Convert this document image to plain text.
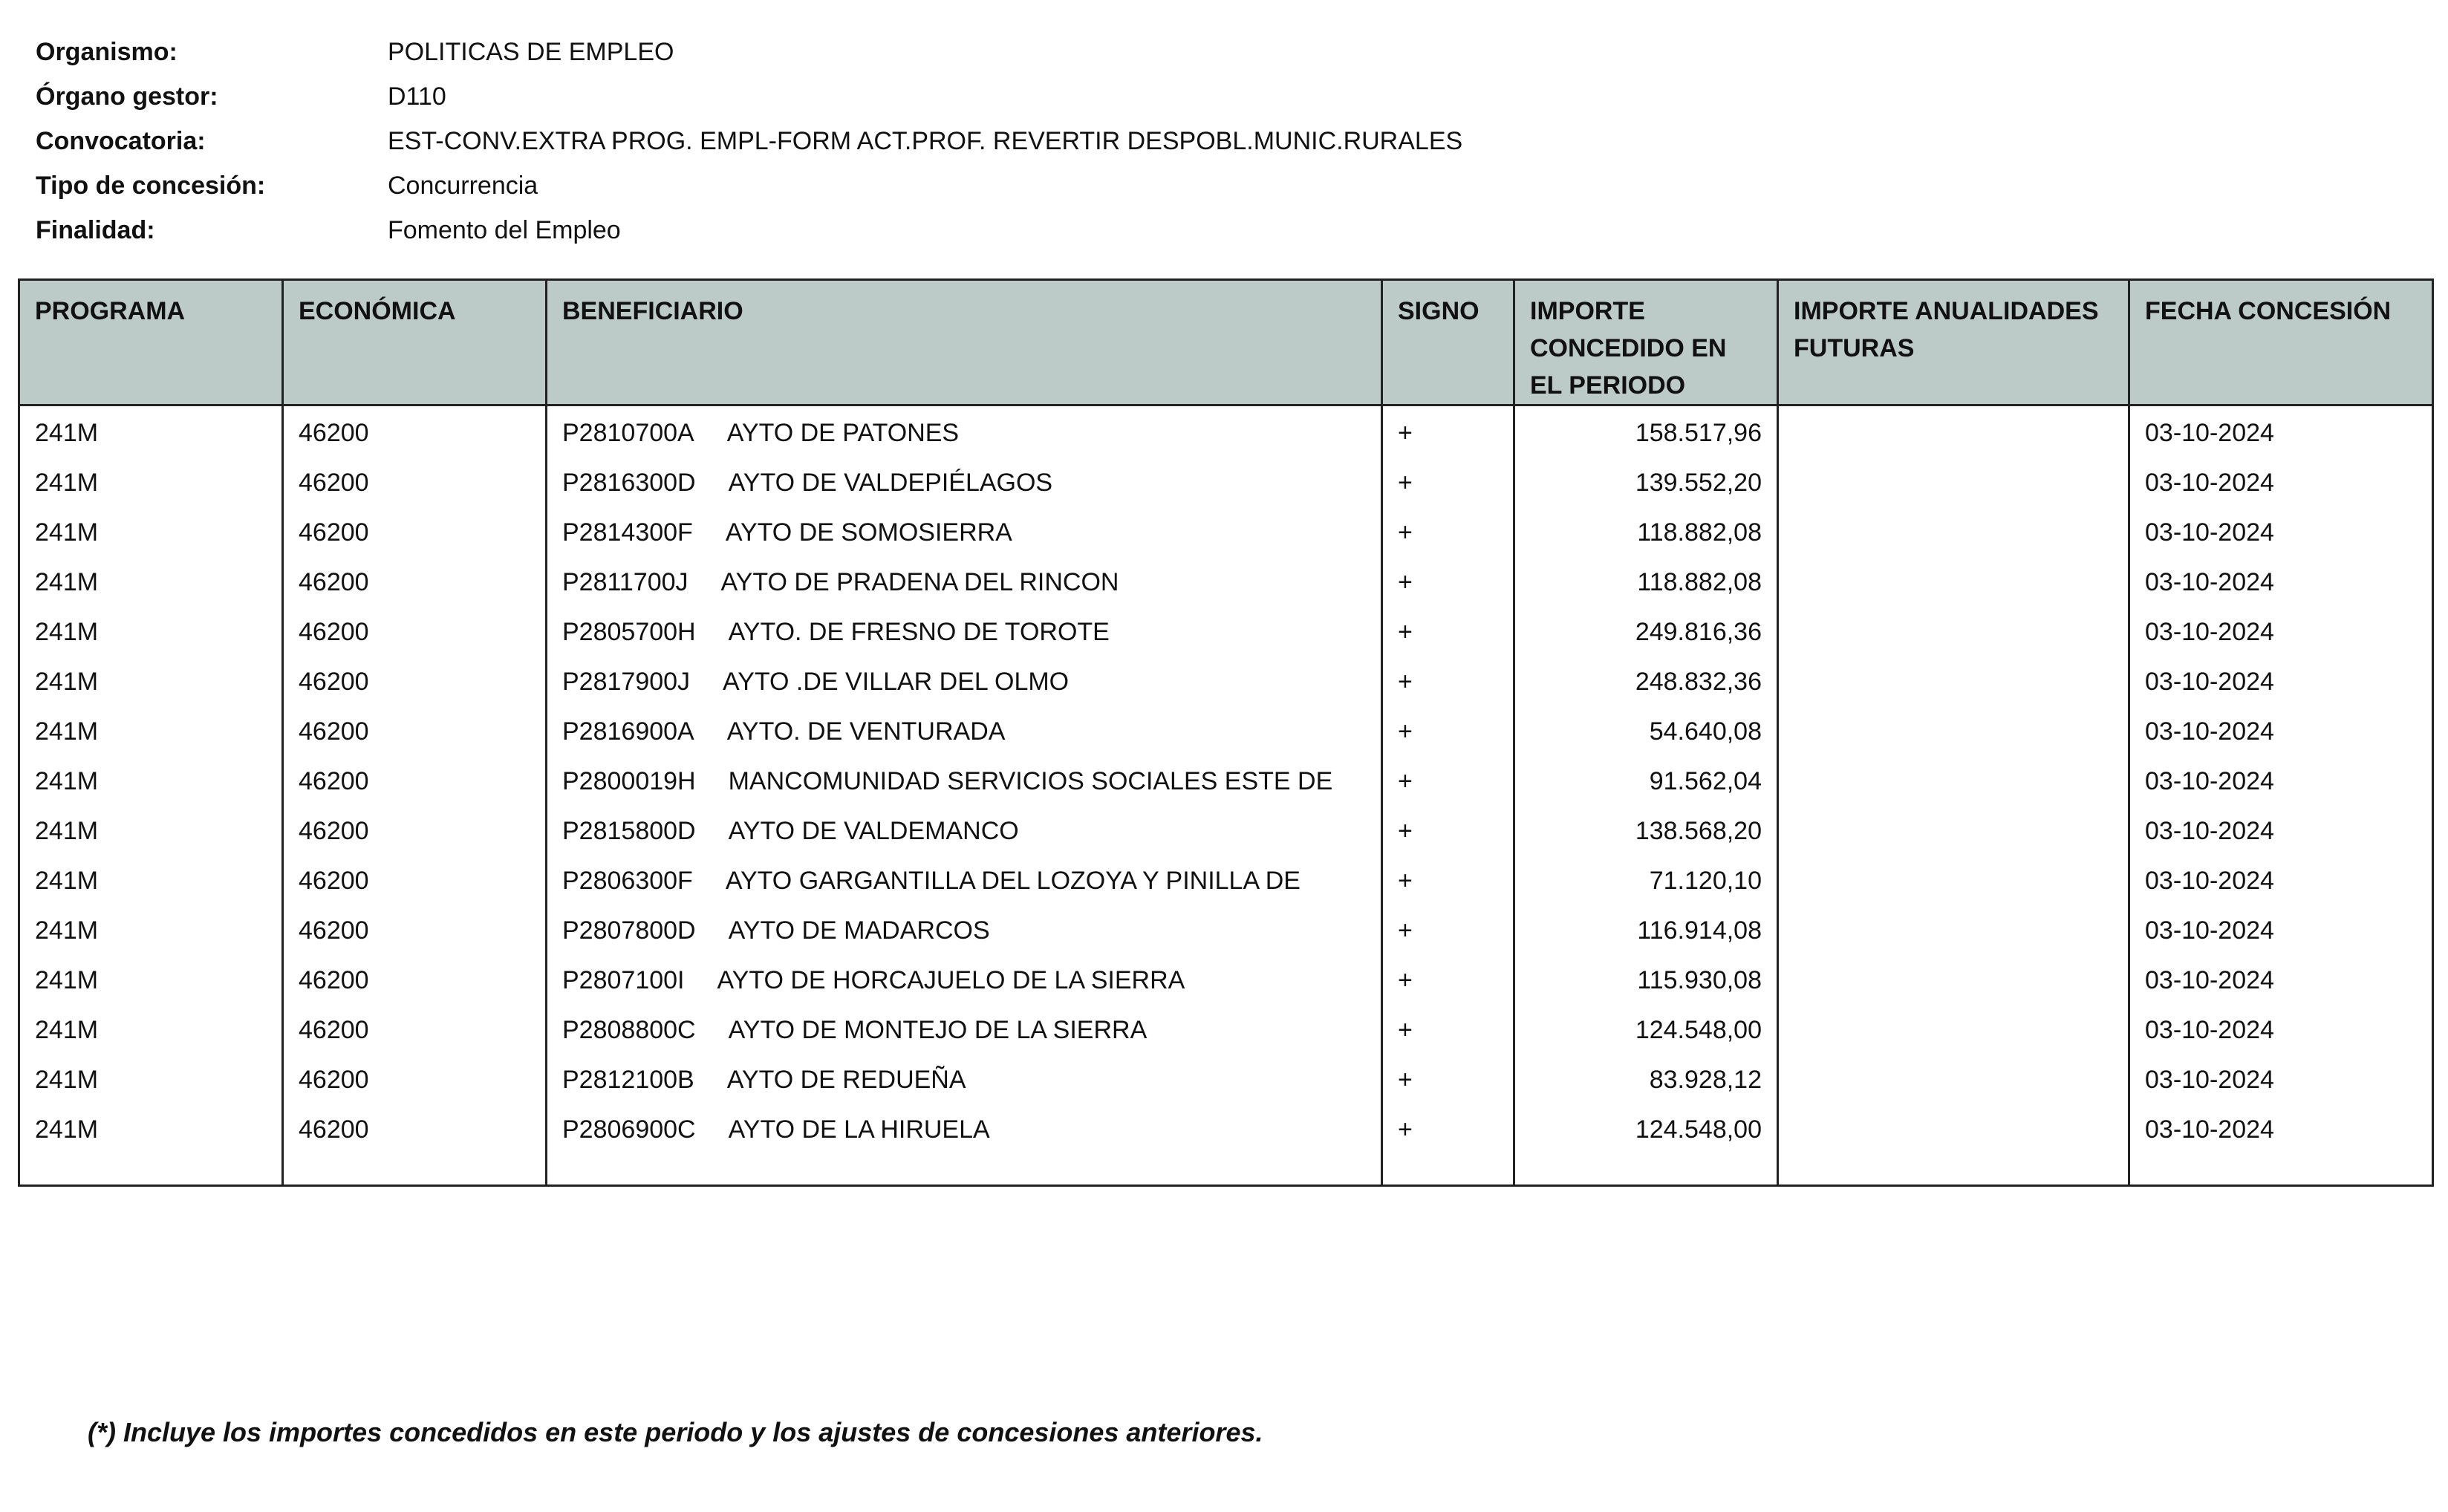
Organismo:	POLITICAS DE EMPLEO
Órgano gestor:	D110
Convocatoria:	EST-CONV.EXTRA PROG. EMPL-FORM ACT.PROF. REVERTIR DESPOBL.MUNIC.RURALES
Tipo de concesión:	Concurrencia
Finalidad:	Fomento del Empleo
PROGRAMA	ECONÓMICA	BENEFICIARIO	SIGNO	IMPORTE CONCEDIDO EN EL PERIODO	IMPORTE ANUALIDADES FUTURAS	FECHA CONCESIÓN
241M	46200	P2810700A AYTO DE PATONES	+	158.517,96		03-10-2024
241M	46200	P2816300D AYTO DE VALDEPIÉLAGOS	+	139.552,20		03-10-2024
241M	46200	P2814300F AYTO DE SOMOSIERRA	+	118.882,08		03-10-2024
241M	46200	P2811700J AYTO DE PRADENA DEL RINCON	+	118.882,08		03-10-2024
241M	46200	P2805700H AYTO. DE FRESNO DE TOROTE	+	249.816,36		03-10-2024
241M	46200	P2817900J AYTO .DE VILLAR DEL OLMO	+	248.832,36		03-10-2024
241M	46200	P2816900A AYTO. DE VENTURADA	+	54.640,08		03-10-2024
241M	46200	P2800019H MANCOMUNIDAD SERVICIOS SOCIALES ESTE DE	+	91.562,04		03-10-2024
241M	46200	P2815800D AYTO DE VALDEMANCO	+	138.568,20		03-10-2024
241M	46200	P2806300F AYTO GARGANTILLA DEL LOZOYA Y PINILLA DE	+	71.120,10		03-10-2024
241M	46200	P2807800D AYTO DE MADARCOS	+	116.914,08		03-10-2024
241M	46200	P2807100I AYTO DE HORCAJUELO DE LA SIERRA	+	115.930,08		03-10-2024
241M	46200	P2808800C AYTO DE MONTEJO DE LA SIERRA	+	124.548,00		03-10-2024
241M	46200	P2812100B AYTO DE REDUEÑA	+	83.928,12		03-10-2024
241M	46200	P2806900C AYTO DE LA HIRUELA	+	124.548,00		03-10-2024

(*) Incluye los importes concedidos en este periodo y los ajustes de concesiones anteriores.
